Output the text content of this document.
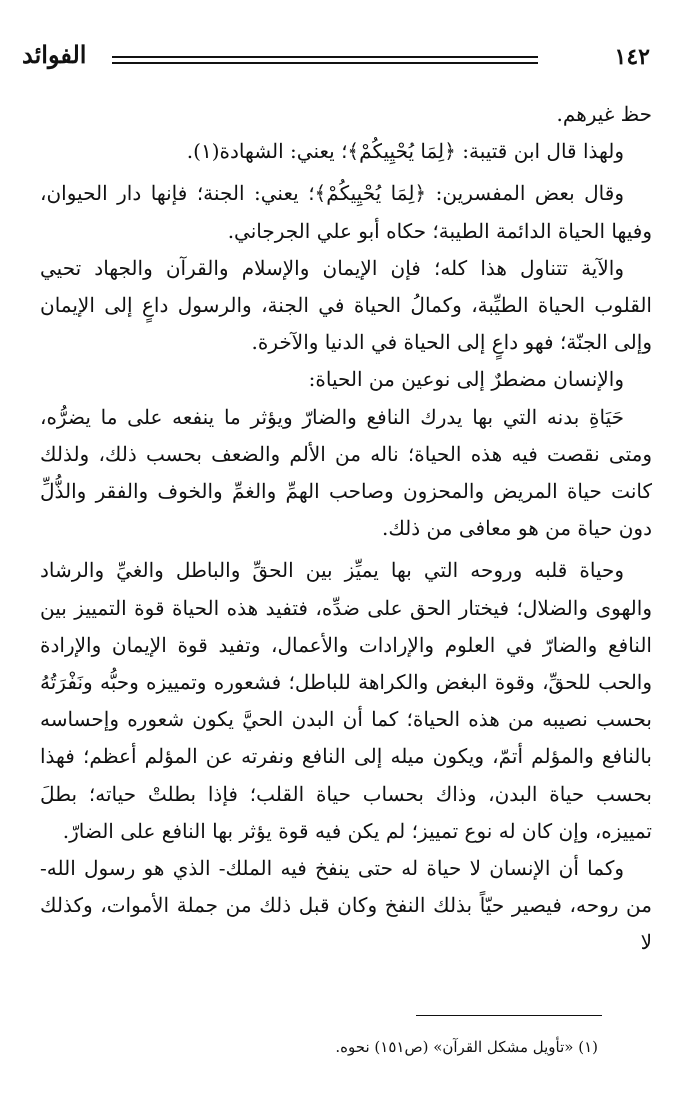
١٤٢
الفوائد

حظ غيرهم.

ولهذا قال ابن قتيبة: ﴿لِمَا يُحْيِيكُمْ﴾؛ يعني: الشهادة(١).

وقال بعض المفسرين: ﴿لِمَا يُحْيِيكُمْ﴾؛ يعني: الجنة؛ فإنها دار الحيوان، وفيها الحياة الدائمة الطيبة؛ حكاه أبو علي الجرجاني.

والآية تتناول هذا كله؛ فإن الإيمان والإسلام والقرآن والجهاد تحيي القلوب الحياة الطيِّبة، وكمالُ الحياة في الجنة، والرسول داعٍ إلى الإيمان وإلى الجنّة؛ فهو داعٍ إلى الحياة في الدنيا والآخرة.

والإنسان مضطرٌ إلى نوعين من الحياة:

حَيَاةِ بدنه التي بها يدرك النافع والضارّ ويؤثر ما ينفعه على ما يضرُّه، ومتى نقصت فيه هذه الحياة؛ ناله من الألم والضعف بحسب ذلك، ولذلك كانت حياة المريض والمحزون وصاحب الهمِّ والغمِّ والخوف والفقر والذُّلِّ دون حياة من هو معافى من ذلك.

وحياة قلبه وروحه التي بها يميِّز بين الحقِّ والباطل والغيِّ والرشاد والهوى والضلال؛ فيختار الحق على ضدِّه، فتفيد هذه الحياة قوة التمييز بين النافع والضارّ في العلوم والإرادات والأعمال، وتفيد قوة الإيمان والإرادة والحب للحقِّ، وقوة البغض والكراهة للباطل؛ فشعوره وتمييزه وحبُّه ونَفْرَتُهُ بحسب نصيبه من هذه الحياة؛ كما أن البدن الحيَّ يكون شعوره وإحساسه بالنافع والمؤلم أتمّ، ويكون ميله إلى النافع ونفرته عن المؤلم أعظم؛ فهذا بحسب حياة البدن، وذاك بحساب حياة القلب؛ فإذا بطلتْ حياته؛ بطلَ تمييزه، وإن كان له نوع تمييز؛ لم يكن فيه قوة يؤثر بها النافع على الضارّ.

وكما أن الإنسان لا حياة له حتى ينفخ فيه الملك- الذي هو رسول الله- من روحه، فيصير حيّاً بذلك النفخ وكان قبل ذلك من جملة الأموات، وكذلك لا

(١) «تأويل مشكل القرآن» (ص١٥١) نحوه.
